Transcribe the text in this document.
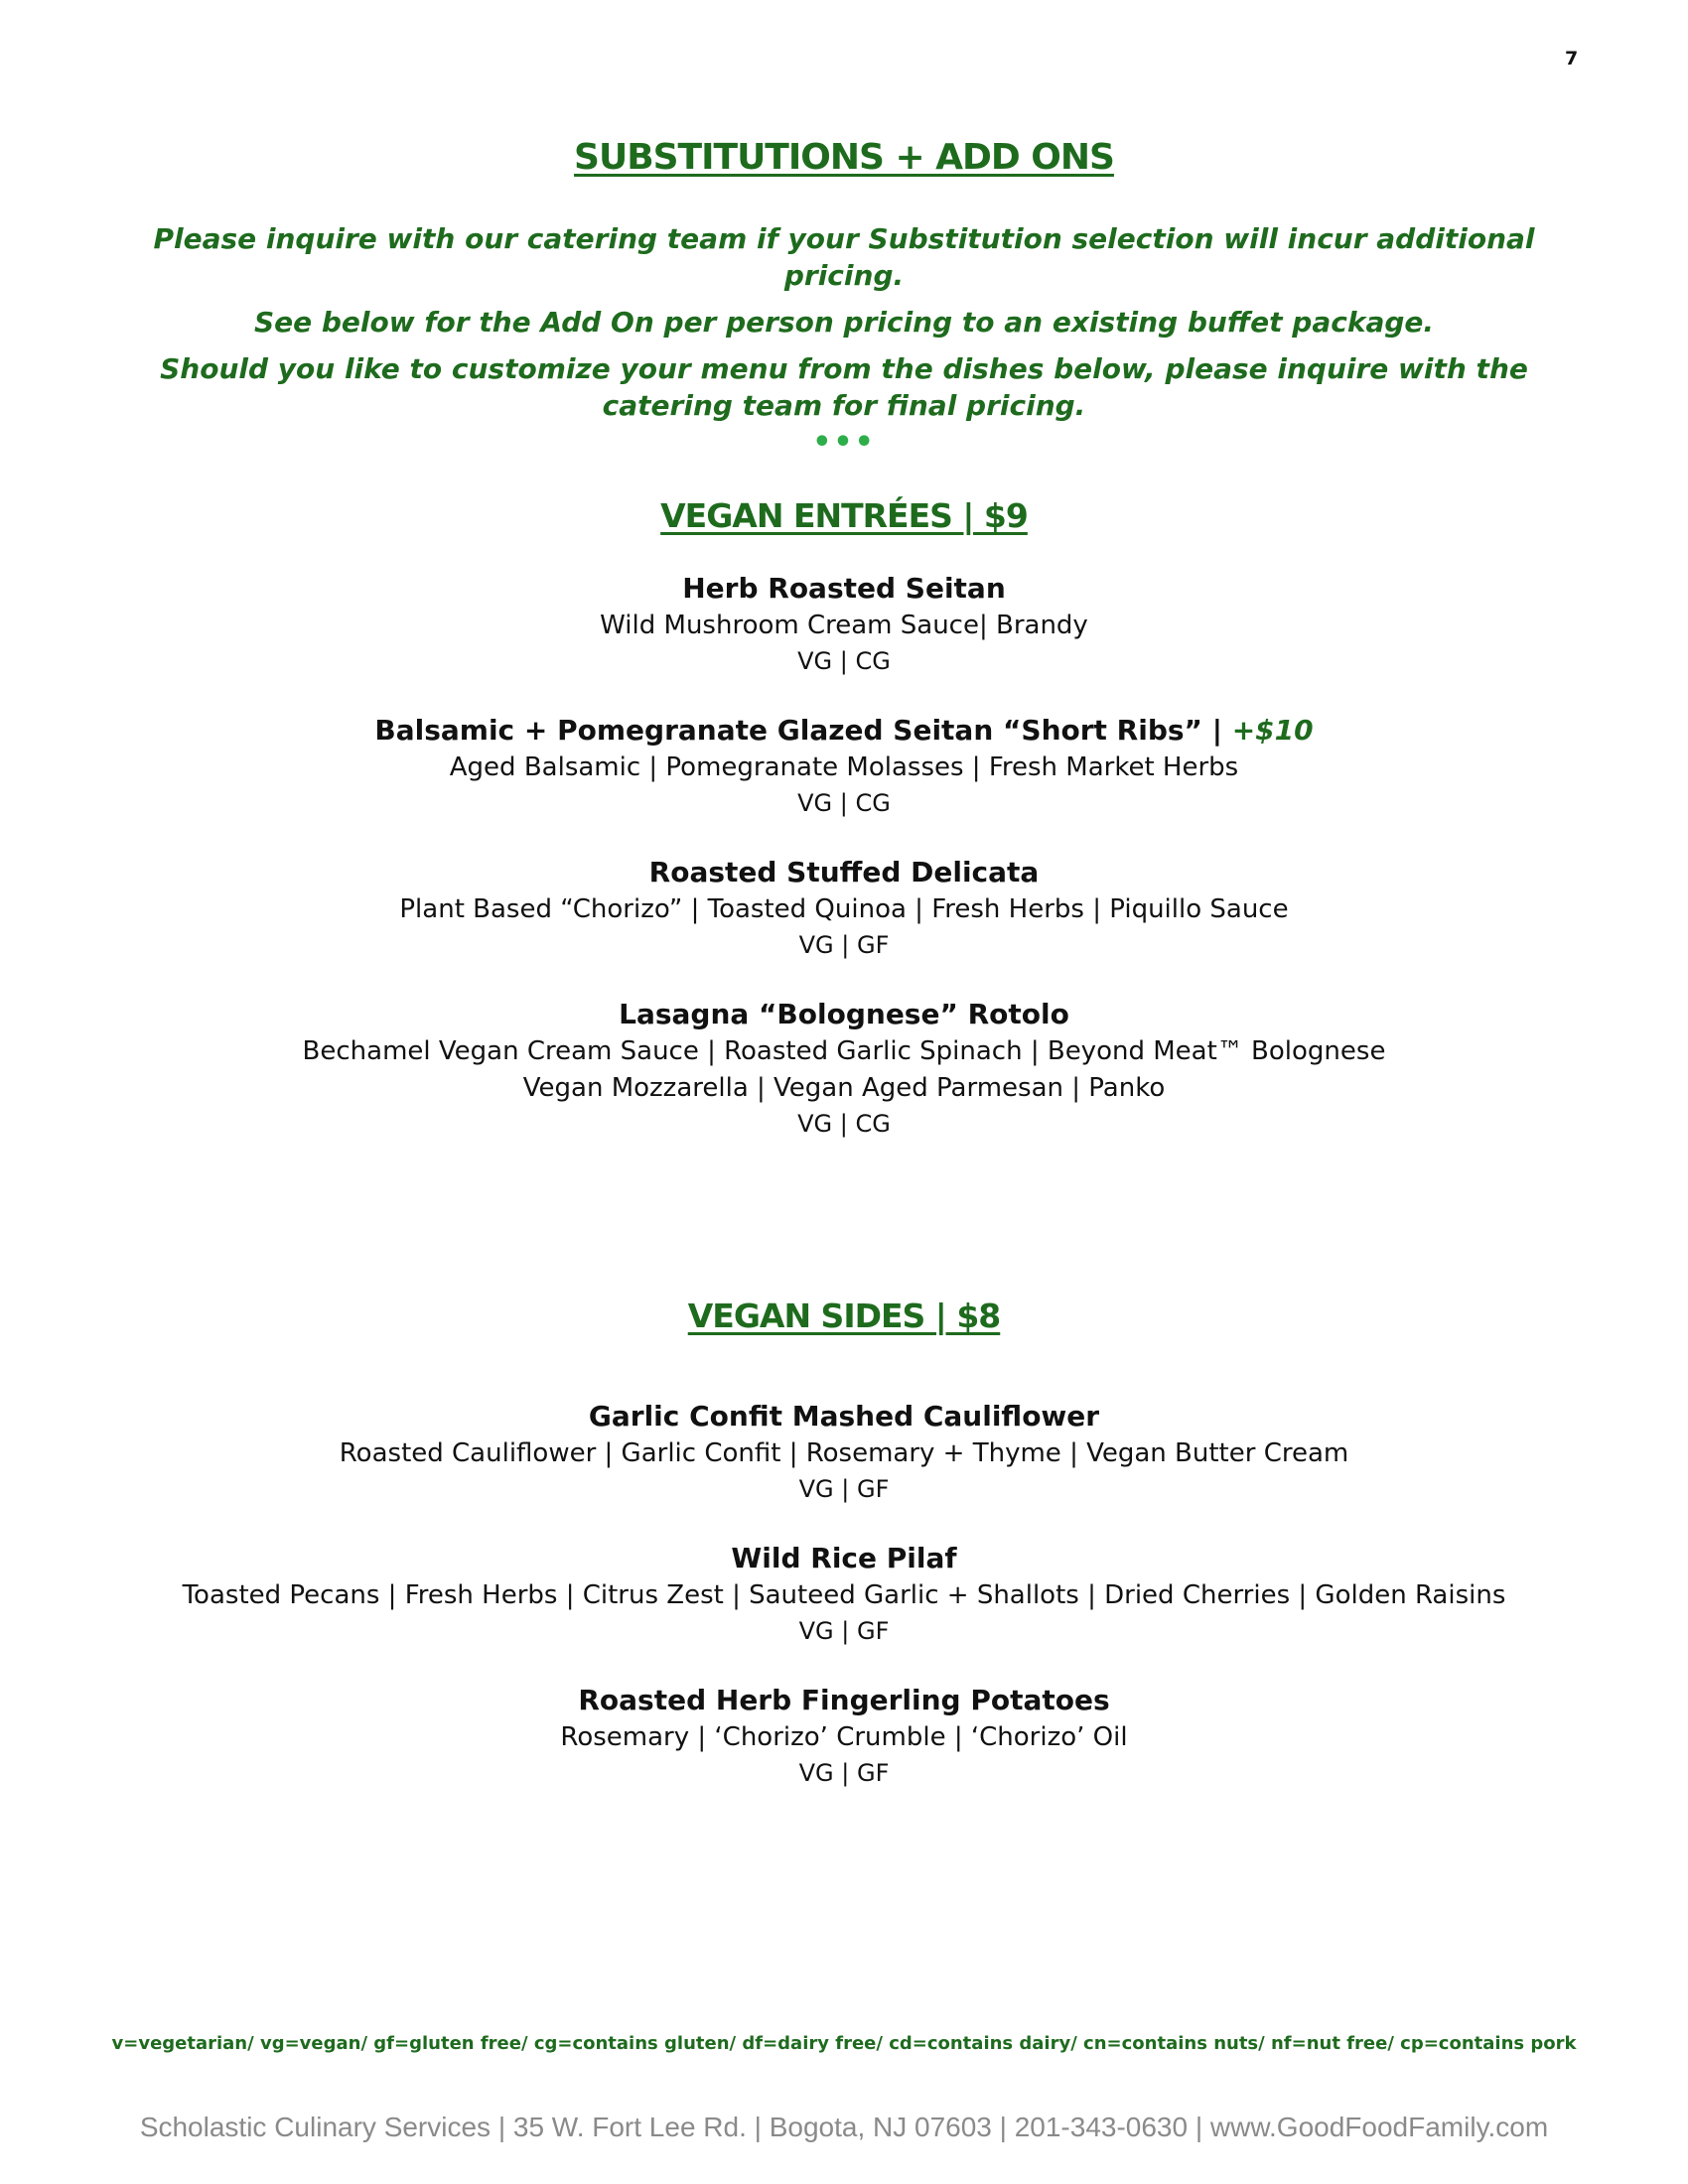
7
SUBSTITUTIONS + ADD ONS

Please inquire with our catering team if your Substitution selection will incur additional pricing.

See below for the Add On per person pricing to an existing buffet package.

Should you like to customize your menu from the dishes below, please inquire with the catering team for final pricing.

•••
VEGAN ENTRÉES | $9
Herb Roasted Seitan
Wild Mushroom Cream Sauce| Brandy
VG | CG
Balsamic + Pomegranate Glazed Seitan “Short Ribs” | +$10
Aged Balsamic | Pomegranate Molasses | Fresh Market Herbs
VG | CG
Roasted Stuffed Delicata
Plant Based “Chorizo” | Toasted Quinoa | Fresh Herbs | Piquillo Sauce
VG | GF
Lasagna “Bolognese” Rotolo
Bechamel Vegan Cream Sauce | Roasted Garlic Spinach | Beyond Meat™ Bolognese
Vegan Mozzarella | Vegan Aged Parmesan | Panko
VG | CG
VEGAN SIDES | $8
Garlic Confit Mashed Cauliflower
Roasted Cauliflower | Garlic Confit | Rosemary + Thyme | Vegan Butter Cream
VG | GF
Wild Rice Pilaf
Toasted Pecans | Fresh Herbs | Citrus Zest | Sauteed Garlic + Shallots | Dried Cherries | Golden Raisins
VG | GF
Roasted Herb Fingerling Potatoes
Rosemary | ‘Chorizo’ Crumble | ‘Chorizo’ Oil
VG | GF
v=vegetarian/ vg=vegan/ gf=gluten free/ cg=contains gluten/ df=dairy free/ cd=contains dairy/ cn=contains nuts/ nf=nut free/ cp=contains pork
Scholastic Culinary Services | 35 W. Fort Lee Rd. | Bogota, NJ 07603 | 201-343-0630 | www.GoodFoodFamily.com
